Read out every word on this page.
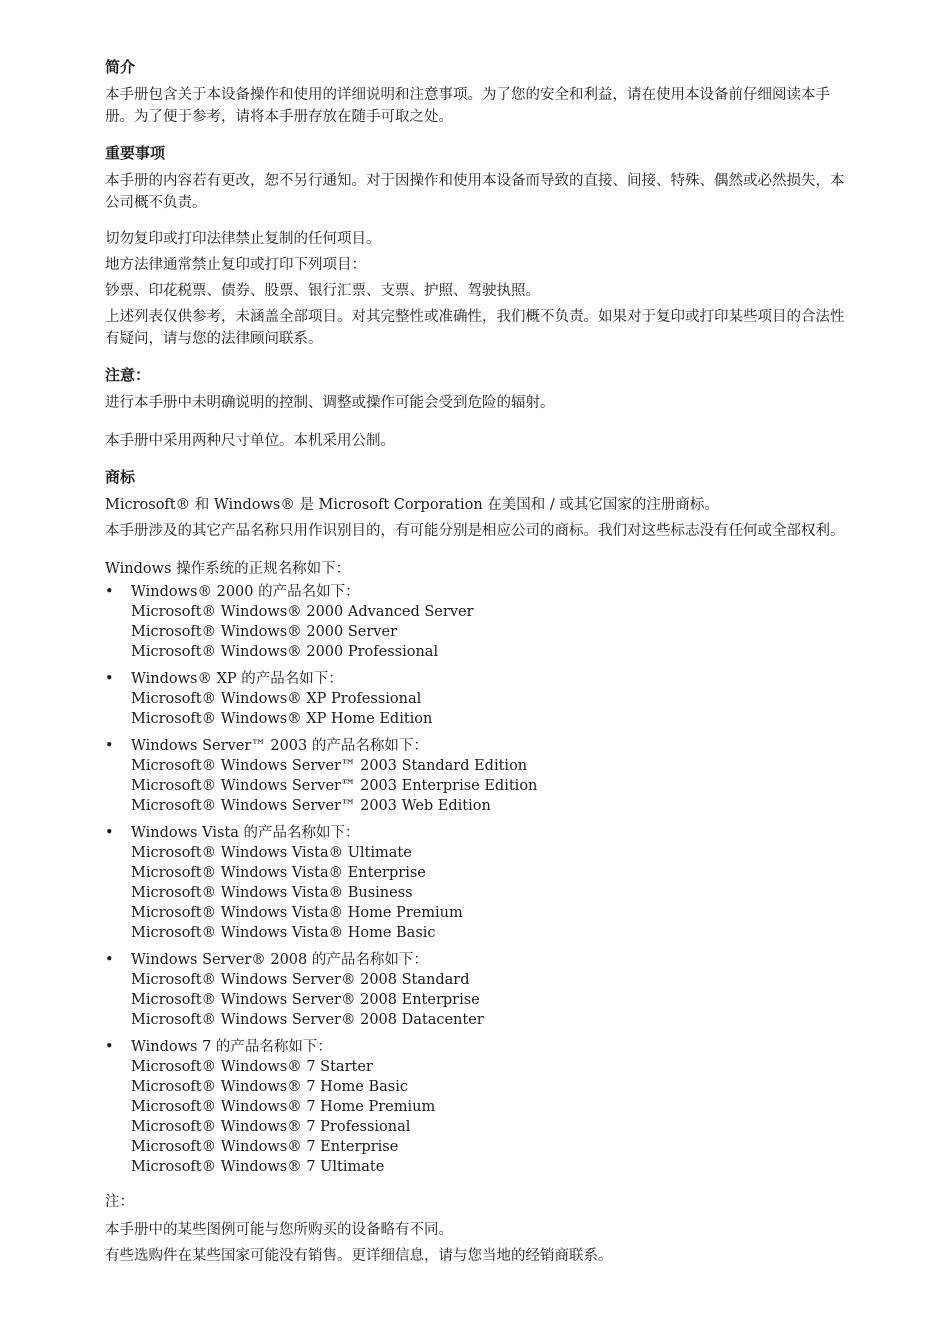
简介

本手册包含关于本设备操作和使用的详细说明和注意事项。为了您的安全和利益，请在使用本设备前仔细阅读本手册。为了便于参考，请将本手册存放在随手可取之处。

重要事项

本手册的内容若有更改，恕不另行通知。对于因操作和使用本设备而导致的直接、间接、特殊、偶然或必然损失，本公司概不负责。

切勿复印或打印法律禁止复制的任何项目。

地方法律通常禁止复印或打印下列项目：

钞票、印花税票、债券、股票、银行汇票、支票、护照、驾驶执照。

上述列表仅供参考，未涵盖全部项目。对其完整性或准确性，我们概不负责。如果对于复印或打印某些项目的合法性有疑问，请与您的法律顾问联系。

注意：

进行本手册中未明确说明的控制、调整或操作可能会受到危险的辐射。

本手册中采用两种尺寸单位。本机采用公制。

商标

Microsoft® 和 Windows® 是 Microsoft Corporation 在美国和 / 或其它国家的注册商标。

本手册涉及的其它产品名称只用作识别目的，有可能分别是相应公司的商标。我们对这些标志没有任何或全部权利。

Windows 操作系统的正规名称如下：

• Windows® 2000 的产品名如下：
Microsoft® Windows® 2000 Advanced Server
Microsoft® Windows® 2000 Server
Microsoft® Windows® 2000 Professional
• Windows® XP 的产品名如下：
Microsoft® Windows® XP Professional
Microsoft® Windows® XP Home Edition
• Windows Server™ 2003 的产品名称如下：
Microsoft® Windows Server™ 2003 Standard Edition
Microsoft® Windows Server™ 2003 Enterprise Edition
Microsoft® Windows Server™ 2003 Web Edition
• Windows Vista 的产品名称如下：
Microsoft® Windows Vista® Ultimate
Microsoft® Windows Vista® Enterprise
Microsoft® Windows Vista® Business
Microsoft® Windows Vista® Home Premium
Microsoft® Windows Vista® Home Basic
• Windows Server® 2008 的产品名称如下：
Microsoft® Windows Server® 2008 Standard
Microsoft® Windows Server® 2008 Enterprise
Microsoft® Windows Server® 2008 Datacenter
• Windows 7 的产品名称如下：
Microsoft® Windows® 7 Starter
Microsoft® Windows® 7 Home Basic
Microsoft® Windows® 7 Home Premium
Microsoft® Windows® 7 Professional
Microsoft® Windows® 7 Enterprise
Microsoft® Windows® 7 Ultimate

注：

本手册中的某些图例可能与您所购买的设备略有不同。

有些选购件在某些国家可能没有销售。更详细信息，请与您当地的经销商联系。
